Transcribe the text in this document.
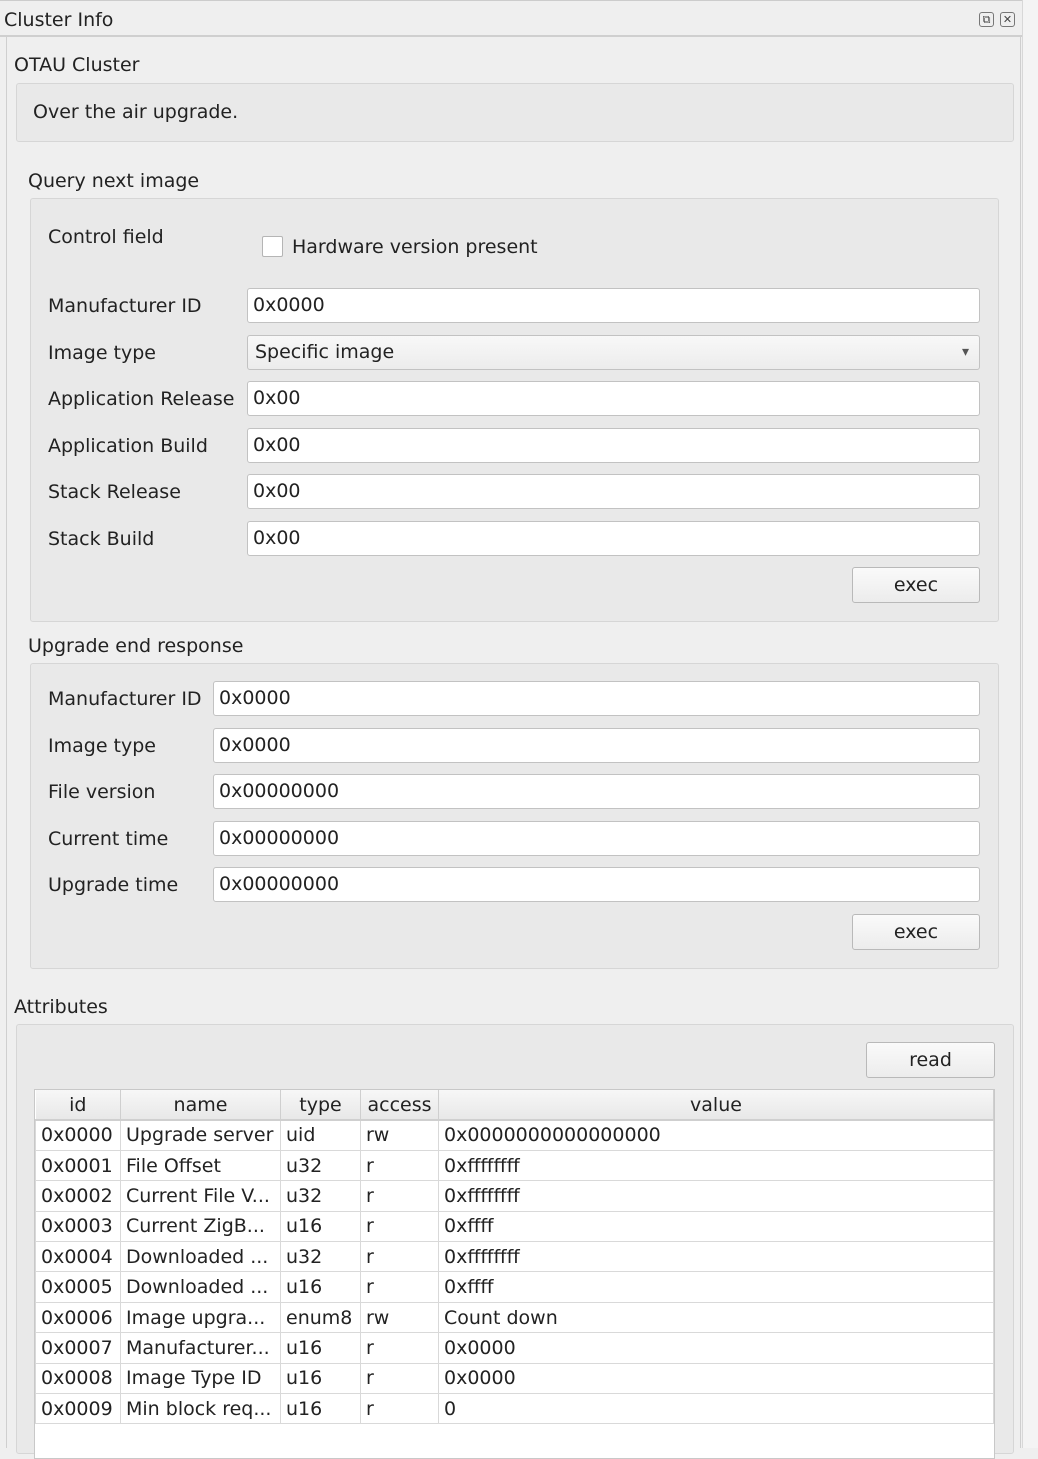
Cluster Info	⧉	✕
OTAU Cluster
Over the air upgrade.
Query next image
Control field	Hardware version present
Manufacturer ID	0x0000
Image type	Specific image	▾
Application Release 0x00
Application Build	0x00
Stack Release	0x00
Stack Build	0x00
exec
Upgrade end response
Manufacturer ID 0x0000
Image type	0x0000
File version	0x00000000
Current time	0x00000000
Upgrade time	0x00000000
exec
Attributes
read
id	name	type	access	value
0x0000	Upgrade server	uid	rw	0x0000000000000000
0x0001	File Offset	u32	r	0xffffffff
0x0002	Current File V...	u32	r	0xffffffff
0x0003	Current ZigB...	u16	r	0xffff
0x0004	Downloaded ...	u32	r	0xffffffff
0x0005	Downloaded ...	u16	r	0xffff
0x0006	Image upgra...	enum8	rw	Count down
0x0007	Manufacturer...	u16	r	0x0000
0x0008	Image Type ID	u16	r	0x0000
0x0009	Min block req...	u16	r	0
